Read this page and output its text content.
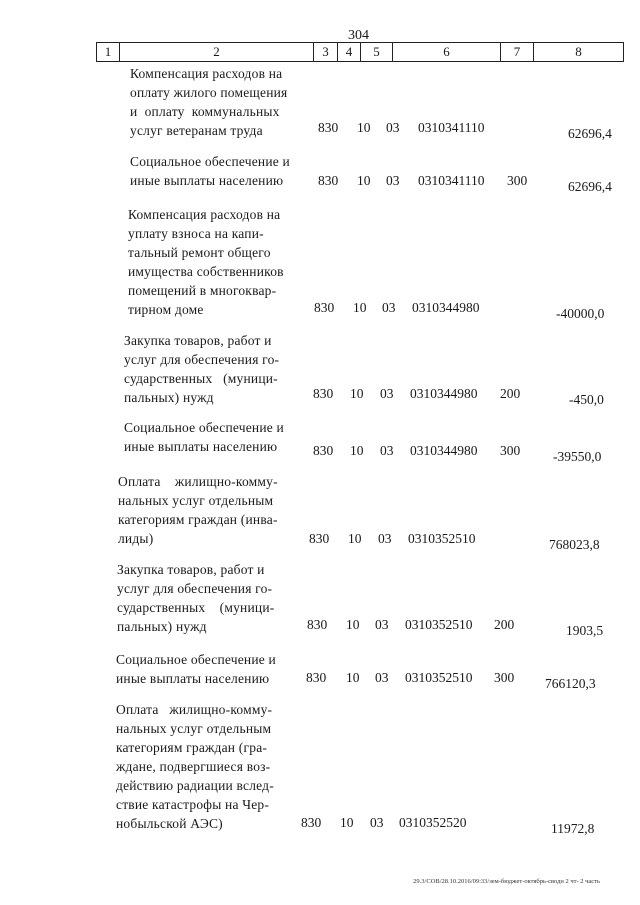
304
1	2	3	4	5	6	7	8
Компенсация расходов на
оплату жилого помещения
и  оплату  коммунальных
услуг ветеранам труда	830 10 03 0310341110	62696,4
Социальное обеспечение и
иные выплаты населению	830 10 03 0310341110 300	62696,4
Компенсация расходов на
уплату взноса на капи-
тальный ремонт общего
имущества собственников
помещений в многоквар-
тирном доме	830 10 03 0310344980	-40000,0
Закупка товаров, работ и
услуг для обеспечения го-
сударственных   (муници-
пальных) нужд	830 10 03 0310344980 200	-450,0
Социальное обеспечение и
иные выплаты населению	830 10 03 0310344980 300 -39550,0
Оплата    жилищно-комму-
нальных услуг отдельным
категориям граждан (инва-
лиды)	830 10 03 0310352510	768023,8
Закупка товаров, работ и
услуг для обеспечения го-
сударственных    (муници-
пальных) нужд	830 10 03 0310352510 200	1903,5
Социальное обеспечение и
иные выплаты населению	830 10 03 0310352510 300 766120,3
Оплата   жилищно-комму-
нальных услуг отдельным
категориям граждан (гра-
ждане, подвергшиеся воз-
действию радиации вслед-
ствие катастрофы на Чер-
нобыльской АЭС)	830 10 03 0310352520	11972,8
29.3/СОВ/28.10.2016/09:33/зем-бюджет-октябрь-сводн 2 чт- 2 часть
